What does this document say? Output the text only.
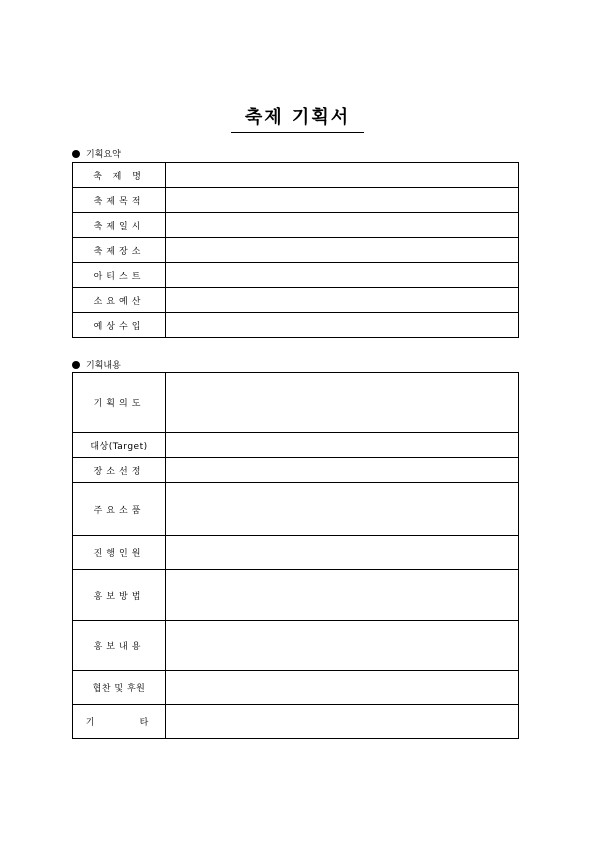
축제 기획서
기획요약
축 제 명	
축제목적	
축제일시	
축제장소	
아티스트	
소요예산	
예상수입	
기획내용
기획의도	
대상(Target)	
장소선정	
주요소품	
진행인원	
홍보방법	
홍보내용	
협찬 및 후원	
기      타	
